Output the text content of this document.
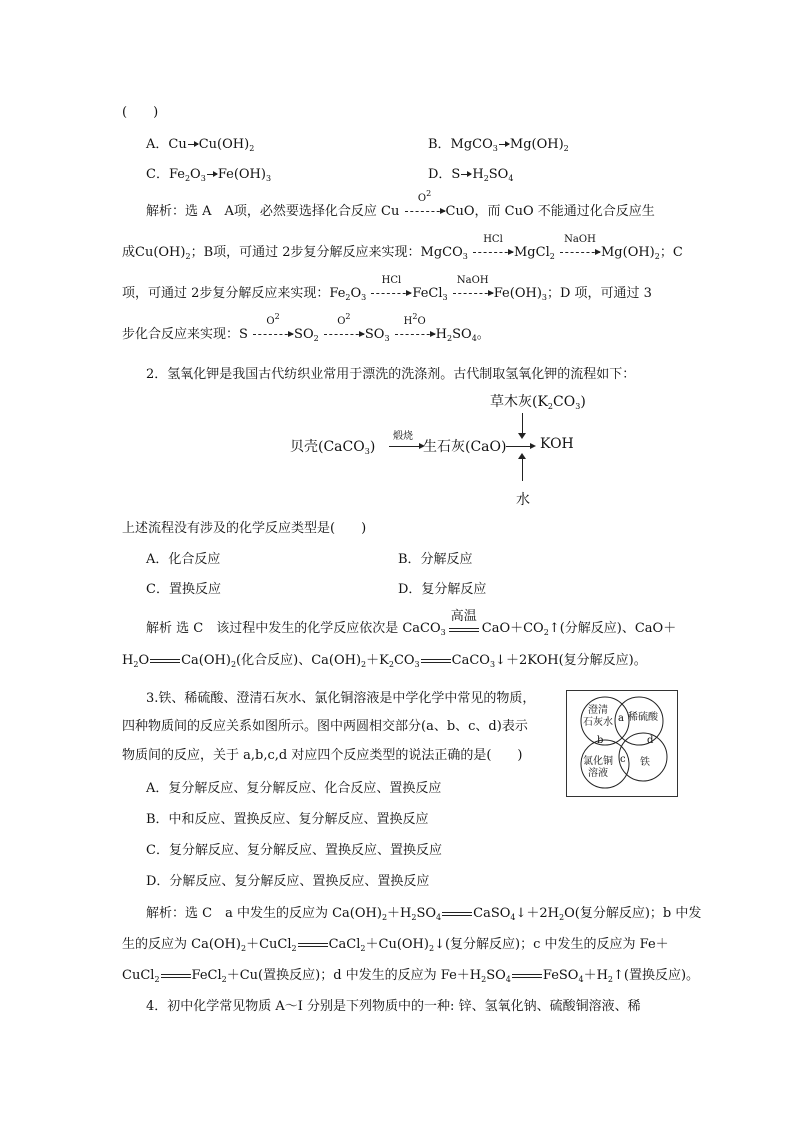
(　　)
A．Cu $Cu(OH)_2$	B．MgCO$_3$ $Mg(OH)_2$
C．$Fe_2O_3$ $Fe(OH)_3$	D．S $H_2SO_4$
解析：选 A　A项，必然要选择化合反应 Cu
$O^2$
CuO，而 CuO 不能通过化合反应生
成$Cu(OH)_2$；B项，可通过 2步复分解反应来实现：MgCO$_3$
HCl
MgCl$_2$
NaOH
$Mg(OH)_2$；C
项，可通过 2步复分解反应来实现：$Fe_2O_3$
HCl
FeCl$_3$
NaOH
$Fe(OH)_3$；D 项，可通过 3
步化合反应来实现：S
$O^2$
$SO_2$
$O^2$
$SO_3$
$H^2O$
$H_2SO_4$。
2．氢氧化钾是我国古代纺织业常用于漂洗的洗涤剂。古代制取氢氧化钾的流程如下：
草木灰$(K_2CO_3)$
贝壳(CaCO$_3$)
煅烧
生石灰(CaO) KOH
水
上述流程没有涉及的化学反应类型是(　　)
A．化合反应	B．分解反应
C．置换反应	D．复分解反应
解析 选 C　该过程中发生的化学反应依次是 CaCO$_3$
高温
$CaO+CO_2↑$(分解反应)、CaO＋
$H_2O$ $Ca(OH)_2$(化合反应)、$Ca(OH)_2+K_2CO_3$ CaCO$_3$↓＋2KOH(复分解反应)。
3.铁、稀硫酸、澄清石灰水、氯化铜溶液是中学化学中常见的物质，
四种物质间的反应关系如图所示。图中两圆相交部分(a、b、c、d)表示
物质间的反应，关于 a,b,c,d 对应四个反应类型的说法正确的是(　　)
澄清
石灰水 稀硫酸
a
b	d
c
氯化铜
溶液
铁
A．复分解反应、复分解反应、化合反应、置换反应
B．中和反应、置换反应、复分解反应、置换反应
C．复分解反应、复分解反应、置换反应、置换反应
D．分解反应、复分解反应、置换反应、置换反应
解析：选 C　a 中发生的反应为 $Ca(OH)_2+H_2SO_4$ $CaSO_4↓+2H_2O$(复分解反应)；b 中发
生的反应为 $Ca(OH)_2+CuCl_2$ $CaCl_2+Cu(OH)_2↓$(复分解反应)；c 中发生的反应为 Fe＋
CuCl$_2$ FeCl$_2$＋Cu(置换反应)；d 中发生的反应为 $Fe+H_2SO_4$ $FeSO_4+H_2↑$(置换反应)。
4．初中化学常见物质 A～I 分别是下列物质中的一种: 锌、氢氧化钠、硫酸铜溶液、稀
